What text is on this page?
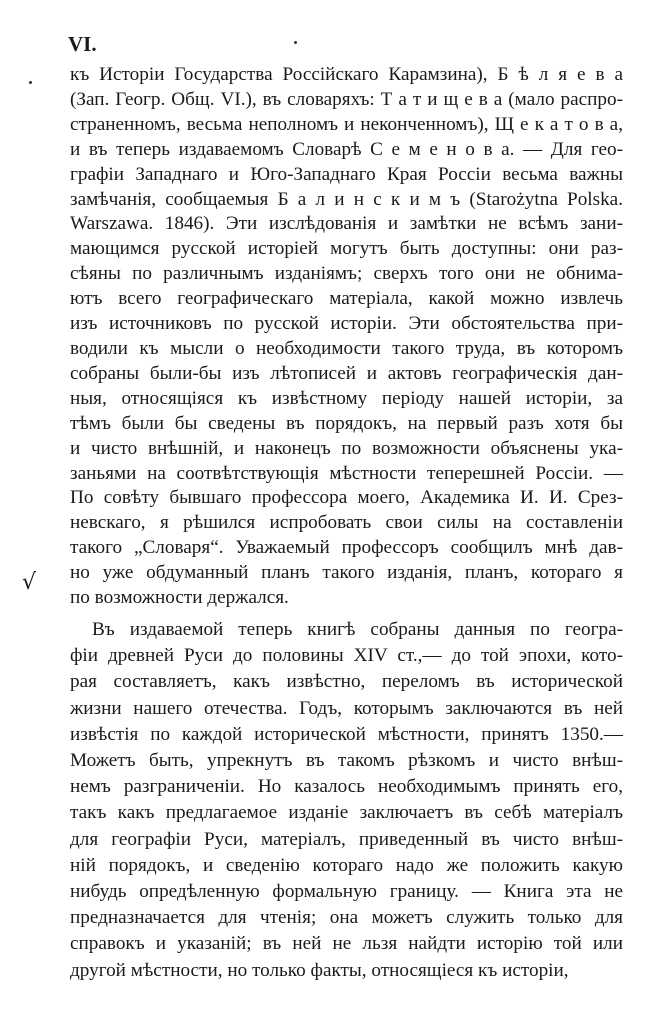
VI.
√
къ Исторіи Государства Россійскаго Карамзина), Б ѣ л я е в а
(Зап. Геогр. Общ. VI.), въ словаряхъ: Т а т и щ е в а (мало распро-
страненномъ, весьма неполномъ и неконченномъ), Щ е к а т о в а,
и въ теперь издаваемомъ Словарѣ С е м е н о в а. — Для гео-
графіи Западнаго и Юго-Западнаго Края Россіи весьма важны
замѣчанія, сообщаемыя Б а л и н с к и м ъ (Starożytna Polska.
Warszawa. 1846). Эти изслѣдованія и замѣтки не всѣмъ зани-
мающимся русской исторіей могутъ быть доступны: они раз-
сѣяны по различнымъ изданіямъ; сверхъ того они не обнима-
ютъ всего географическаго матеріала, какой можно извлечь
изъ источниковъ по русской исторіи. Эти обстоятельства при-
водили къ мысли о необходимости такого труда, въ которомъ
собраны были-бы изъ лѣтописей и актовъ географическія дан-
ныя, относящіяся къ извѣстному періоду нашей исторіи, за
тѣмъ были бы сведены въ порядокъ, на первый разъ хотя бы
и чисто внѣшній, и наконецъ по возможности объяснены ука-
заньями на соотвѣтствующія мѣстности теперешней Россіи. —
По совѣту бывшаго профессора моего, Академика И. И. Срез-
невскаго, я рѣшился испробовать свои силы на составленіи
такого „Словаря“. Уважаемый профессоръ сообщилъ мнѣ дав-
но уже обдуманный планъ такого изданія, планъ, котораго я
по возможности держался.
Въ издаваемой теперь книгѣ собраны данныя по геогра-
фіи древней Руси до половины XIV ст.,— до той эпохи, кото-
рая составляетъ, какъ извѣстно, переломъ въ исторической
жизни нашего отечества. Годъ, которымъ заключаются въ ней
извѣстія по каждой исторической мѣстности, принятъ 1350.—
Можетъ быть, упрекнутъ въ такомъ рѣзкомъ и чисто внѣш-
немъ разграниченіи. Но казалось необходимымъ принять его,
такъ какъ предлагаемое изданіе заключаетъ въ себѣ матеріалъ
для географіи Руси, матеріалъ, приведенный въ чисто внѣш-
ній порядокъ, и сведенію котораго надо же положить какую
нибудь опредѣленную формальную границу. — Книга эта не
предназначается для чтенія; она можетъ служить только для
справокъ и указаній; въ ней не льзя найдти исторію той или
другой мѣстности, но только факты, относящіеся къ исторіи,
